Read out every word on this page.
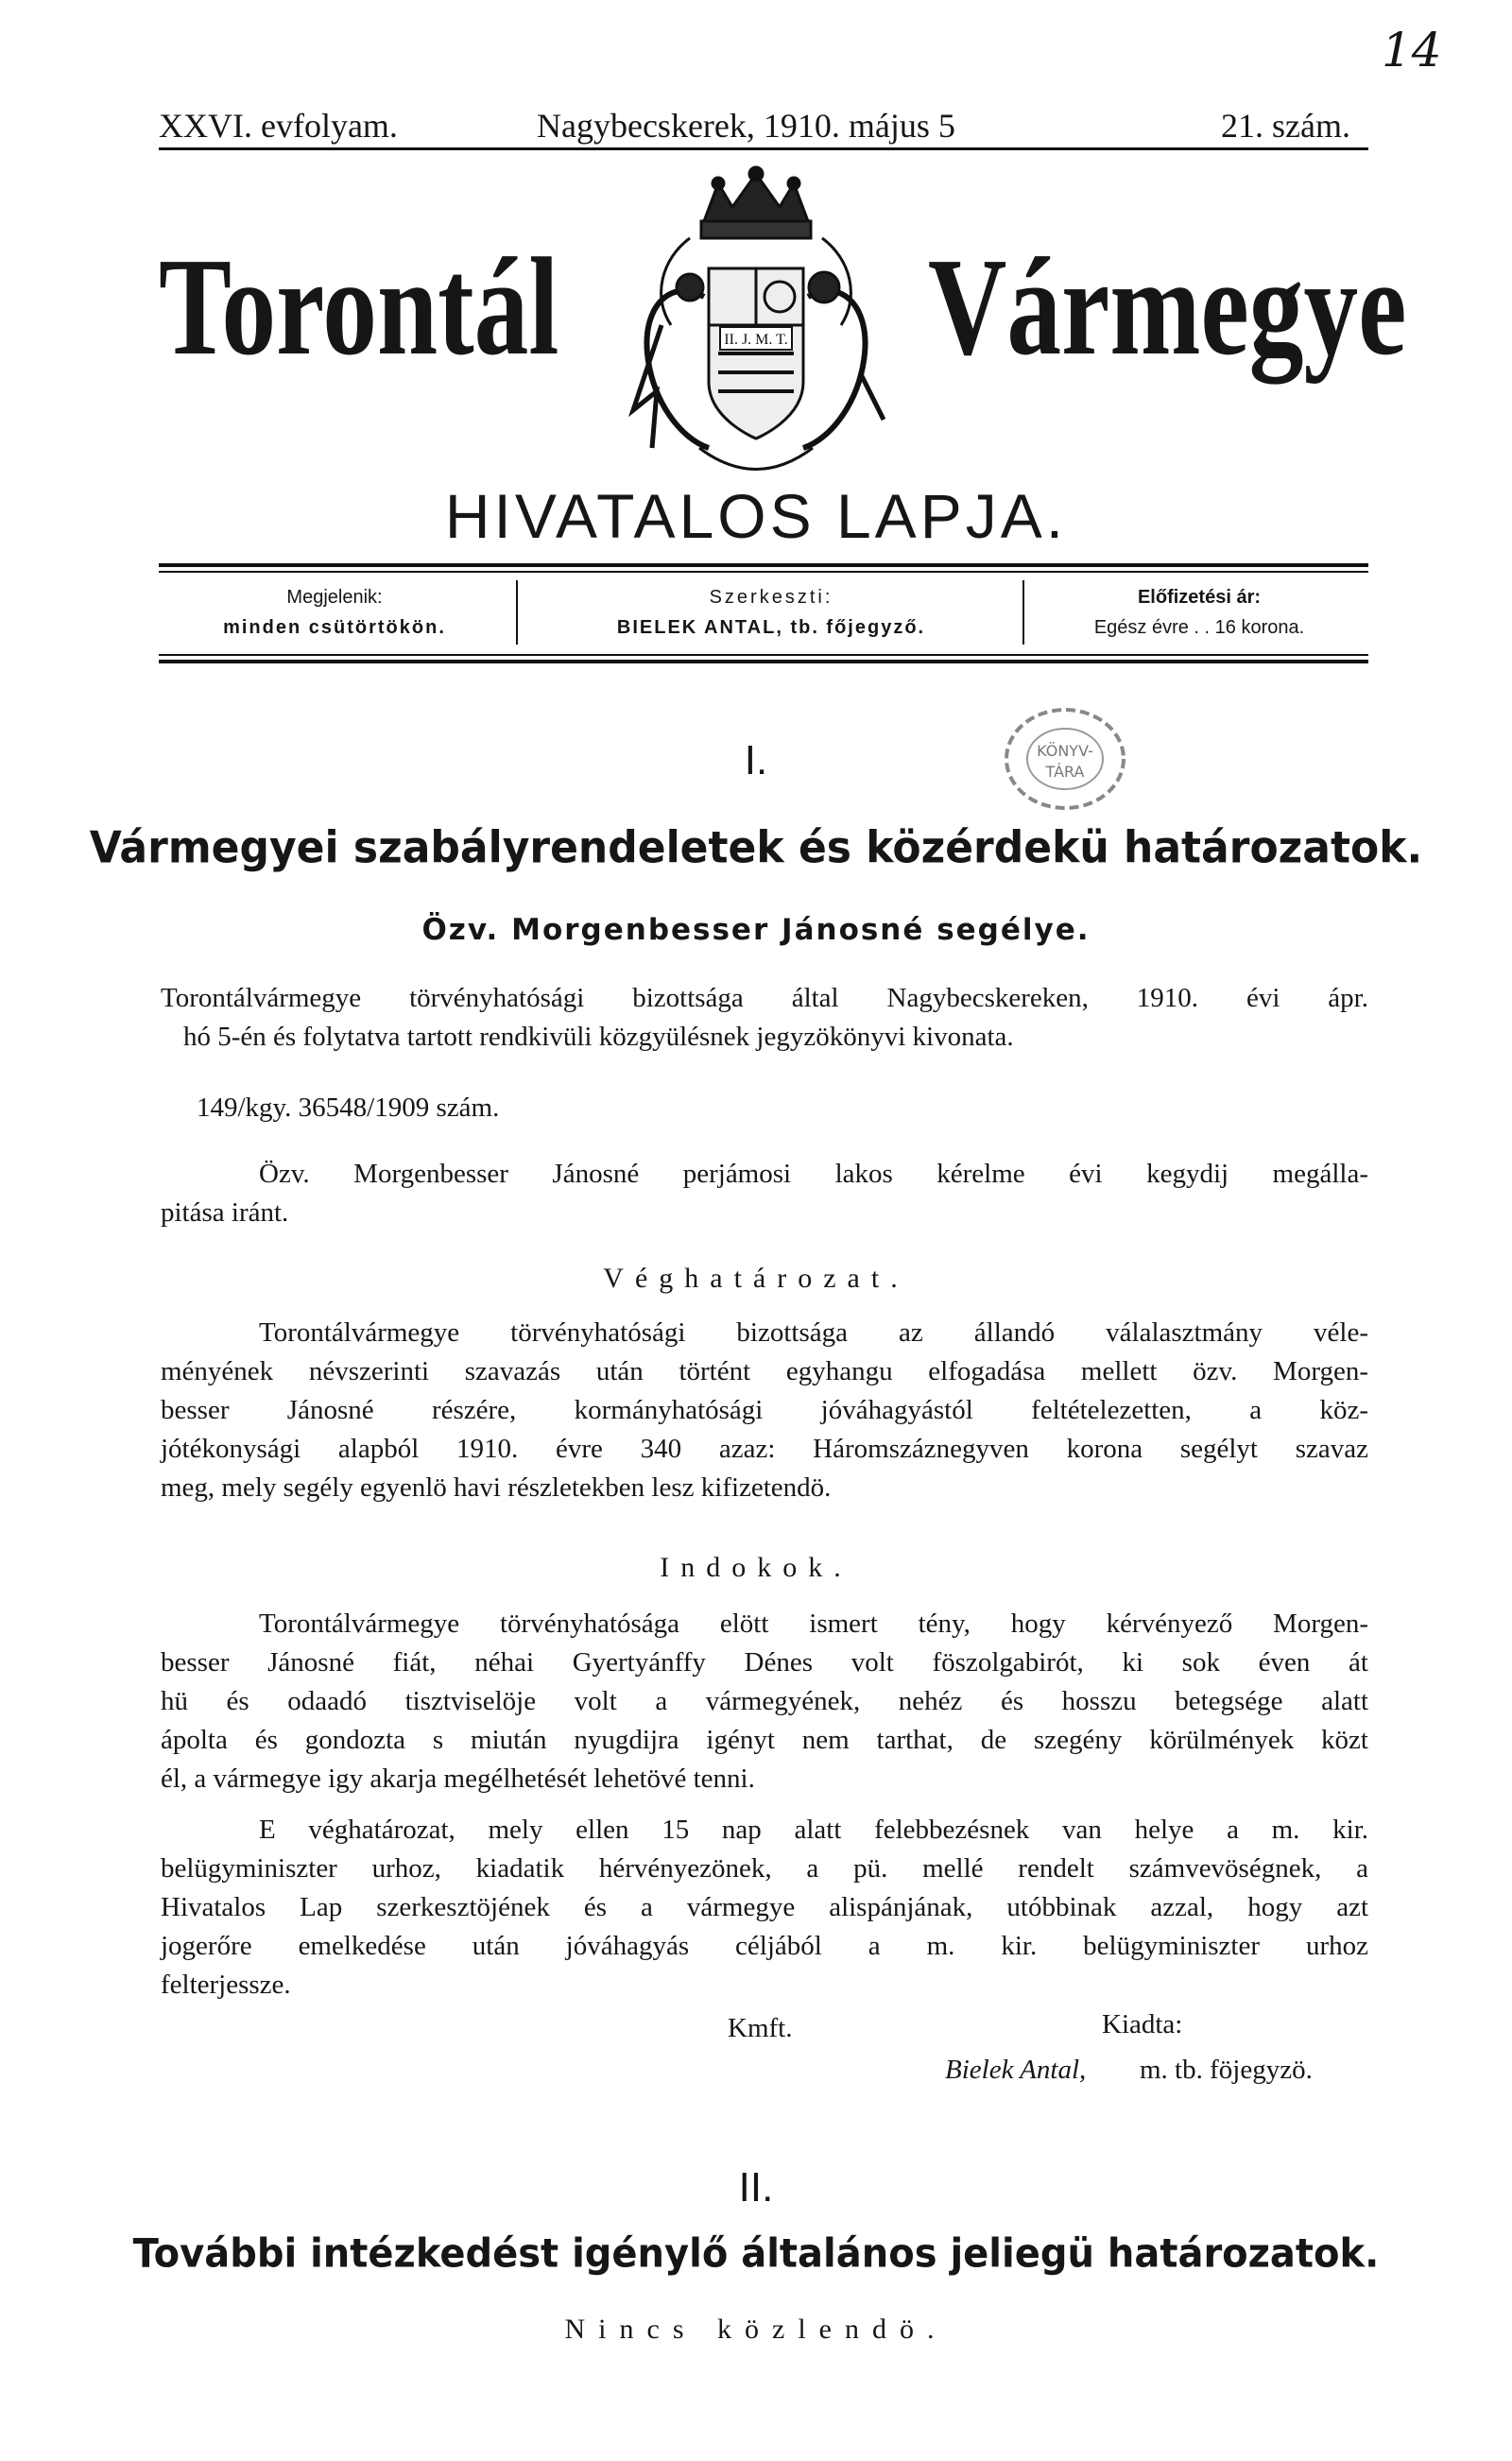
14
XXVI. evfolyam.	Nagybecskerek, 1910. május 5	21. szám.
Torontál	Vármegye
II. J. M. T.
HIVATALOS LAPJA.
Megjelenik:
minden csütörtökön.
Szerkeszti:
BIELEK ANTAL, tb. főjegyző.
Előfizetési ár:
Egész évre . . 16 korona.
KÖNYV-
TÁRA
I.
Vármegyei szabályrendeletek és közérdekü határozatok.
Özv. Morgenbesser Jánosné segélye.
Torontálvármegye törvényhatósági bizottsága által Nagybecskereken, 1910. évi ápr.
hó 5-én és folytatva tartott rendkivüli közgyülésnek jegyzökönyvi kivonata.
149/kgy. 36548/1909 szám.
Özv. Morgenbesser Jánosné perjámosi lakos kérelme évi kegydij megálla-
pitása iránt.
Véghatározat.
Torontálvármegye törvényhatósági bizottsága az állandó válalasztmány véle-
ményének névszerinti szavazás után történt egyhangu elfogadása mellett özv. Morgen-
besser Jánosné részére, kormányhatósági jóváhagyástól feltételezetten, a köz-
jótékonysági alapból 1910. évre 340 azaz: Háromszáznegyven korona segélyt szavaz
meg, mely segély egyenlö havi részletekben lesz kifizetendö.
Indokok.
Torontálvármegye törvényhatósága elött ismert tény, hogy kérvényező Morgen-
besser Jánosné fiát, néhai Gyertyánffy Dénes volt föszolgabirót, ki sok éven át
hü és odaadó tisztviselöje volt a vármegyének, nehéz és hosszu betegsége alatt
ápolta és gondozta s miután nyugdijra igényt nem tarthat, de szegény körülmények közt
él, a vármegye igy akarja megélhetését lehetövé tenni.
E véghatározat, mely ellen 15 nap alatt felebbezésnek van helye a m. kir.
belügyminiszter urhoz, kiadatik hérvényezönek, a pü. mellé rendelt számvevöségnek, a
Hivatalos Lap szerkesztöjének és a vármegye alispánjának, utóbbinak azzal, hogy azt
jogerőre emelkedése után jóváhagyás céljából a m. kir. belügyminiszter urhoz
felterjessze.
Kmft.	Kiadta:
Bielek Antal, m. tb. föjegyzö.
II.
További intézkedést igénylő általános jeliegü határozatok.
Nincs közlendö.
